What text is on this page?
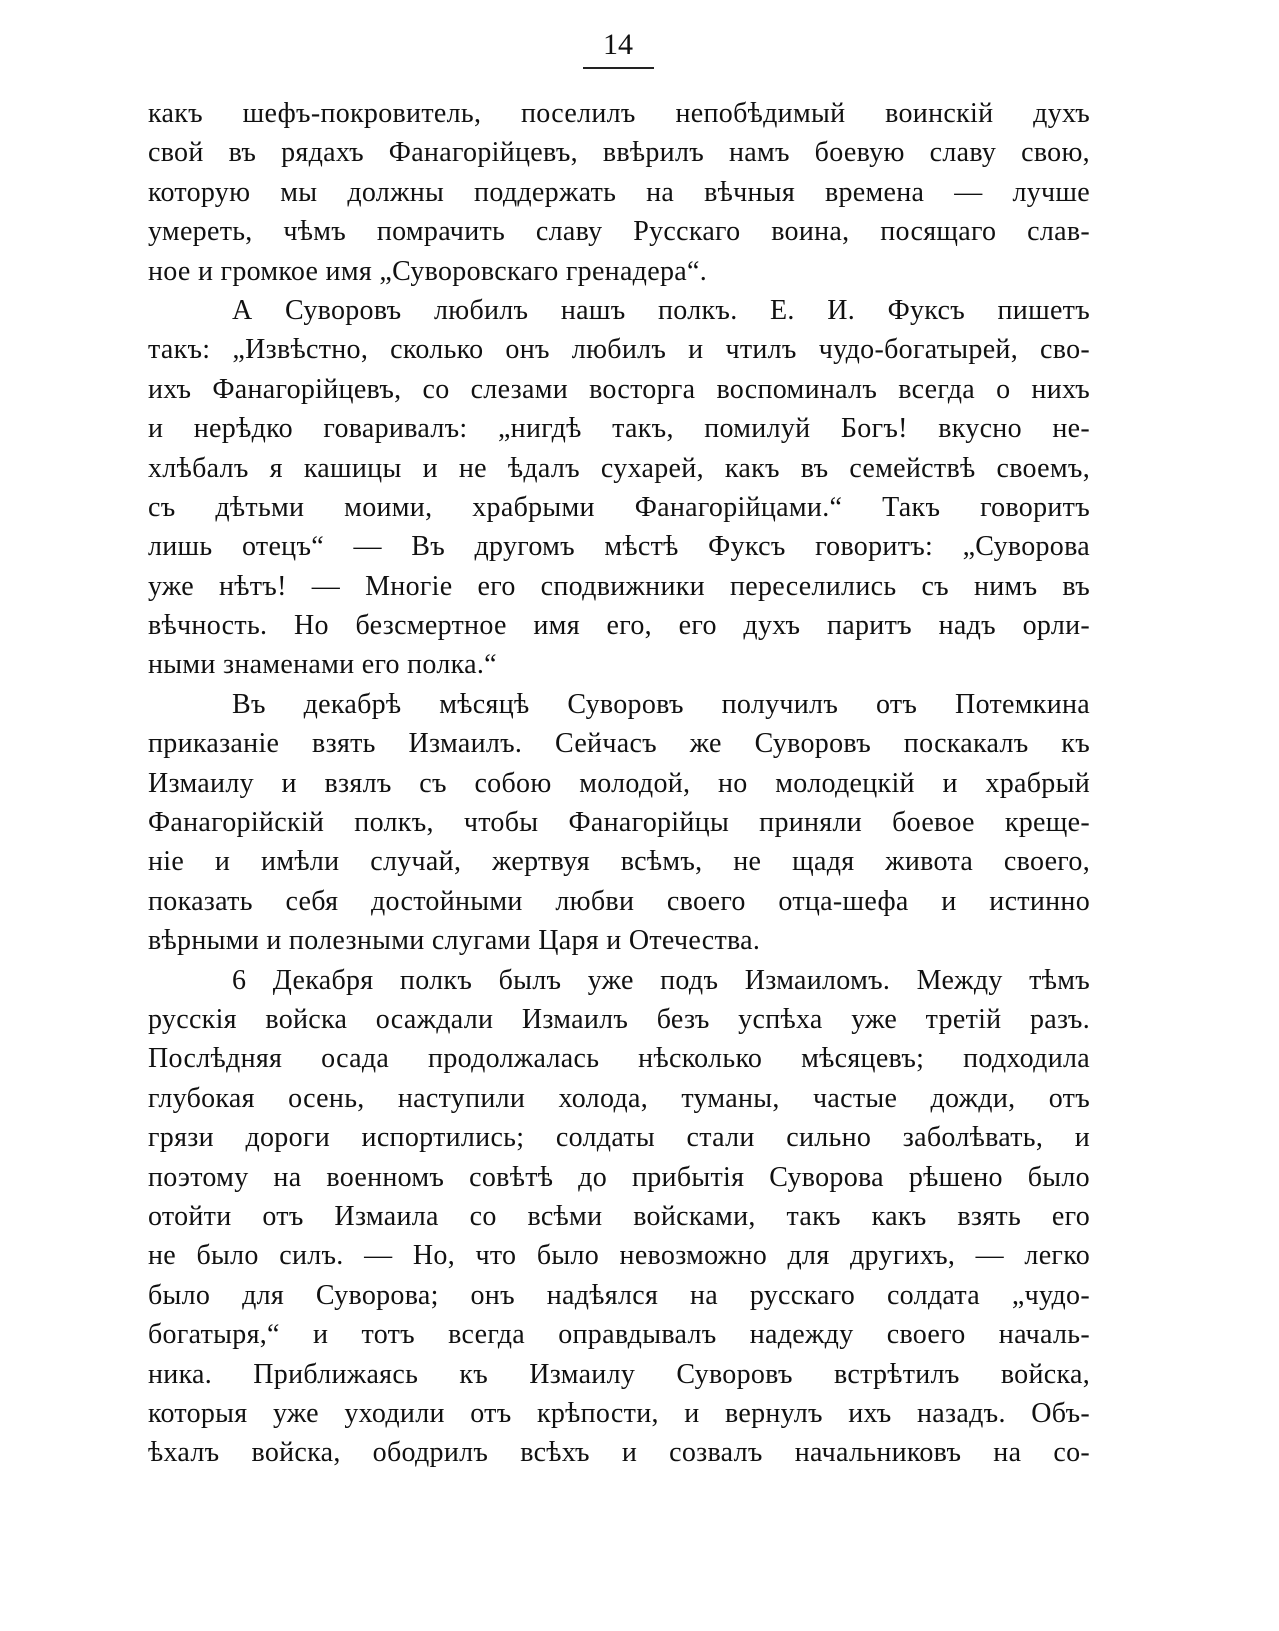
14
какъ шефъ-покровитель, поселилъ непобѣдимый воинскій духъ
свой въ рядахъ Фанагорійцевъ, ввѣрилъ намъ боевую славу свою,
которую мы должны поддержать на вѣчныя времена — лучше
умереть, чѣмъ помрачить славу Русскаго воина, посящаго слав-
ное и громкое имя „Суворовскаго гренадера“.
А Суворовъ любилъ нашъ полкъ. Е. И. Фуксъ пишетъ
такъ: „Извѣстно, сколько онъ любилъ и чтилъ чудо-богатырей, сво-
ихъ Фанагорійцевъ, со слезами восторга воспоминалъ всегда о нихъ
и нерѣдко говаривалъ: „нигдѣ такъ, помилуй Богъ! вкусно не-
хлѣбалъ я кашицы и не ѣдалъ сухарей, какъ въ семействѣ своемъ,
съ дѣтьми моими, храбрыми Фанагорійцами.“ Такъ говоритъ
лишь отецъ“ — Въ другомъ мѣстѣ Фуксъ говоритъ: „Суворова
уже нѣтъ! — Многіе его сподвижники переселились съ нимъ въ
вѣчность. Но безсмертное имя его, его духъ паритъ надъ орли-
ными знаменами его полка.“
Въ декабрѣ мѣсяцѣ Суворовъ получилъ отъ Потемкина
приказаніе взять Измаилъ. Сейчасъ же Суворовъ поскакалъ къ
Измаилу и взялъ съ собою молодой, но молодецкій и храбрый
Фанагорійскій полкъ, чтобы Фанагорійцы приняли боевое креще-
ніе и имѣли случай, жертвуя всѣмъ, не щадя живота своего,
показать себя достойными любви своего отца-шефа и истинно
вѣрными и полезными слугами Царя и Отечества.
6 Декабря полкъ былъ уже подъ Измаиломъ. Между тѣмъ
русскія войска осаждали Измаилъ безъ успѣха уже третій разъ.
Послѣдняя осада продолжалась нѣсколько мѣсяцевъ; подходила
глубокая осень, наступили холода, туманы, частые дожди, отъ
грязи дороги испортились; солдаты стали сильно заболѣвать, и
поэтому на военномъ совѣтѣ до прибытія Суворова рѣшено было
отойти отъ Измаила со всѣми войсками, такъ какъ взять его
не было силъ. — Но, что было невозможно для другихъ, — легко
было для Суворова; онъ надѣялся на русскаго солдата „чудо-
богатыря,“ и тотъ всегда оправдывалъ надежду своего началь-
ника. Приближаясь къ Измаилу Суворовъ встрѣтилъ войска,
которыя уже уходили отъ крѣпости, и вернулъ ихъ назадъ. Объ-
ѣхалъ войска, ободрилъ всѣхъ и созвалъ начальниковъ на со-
